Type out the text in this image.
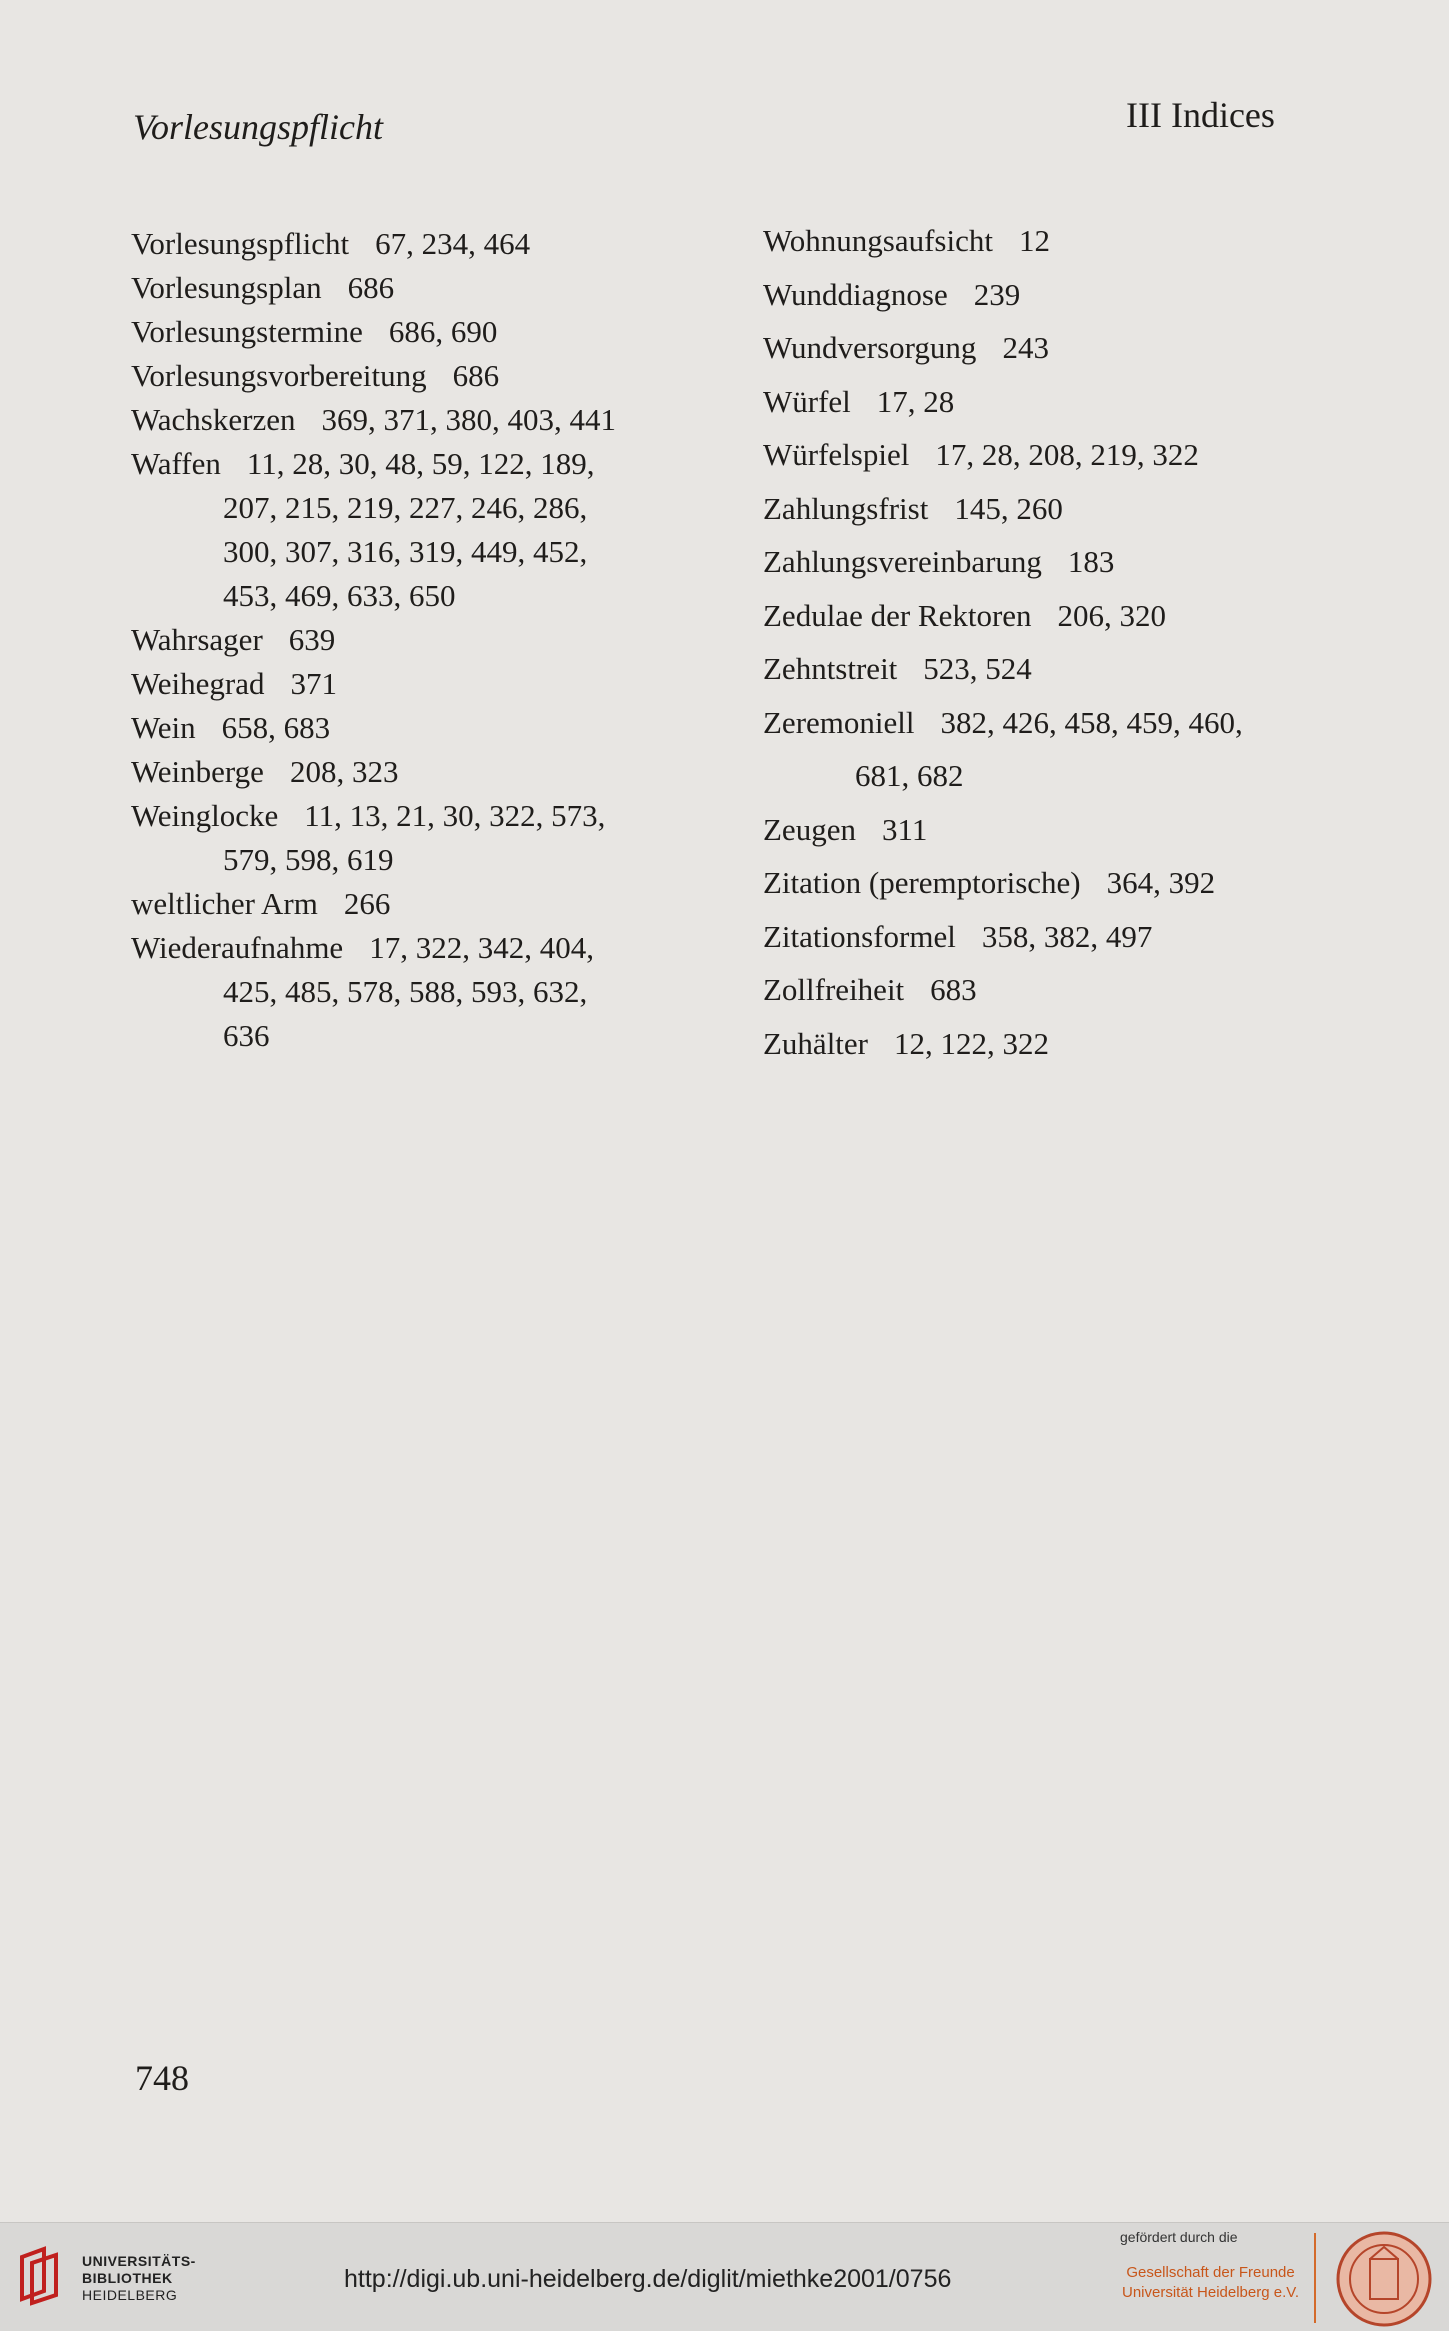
Vorlesungspflicht	III Indices
Vorlesungspflicht 67, 234, 464
Vorlesungsplan 686
Vorlesungstermine 686, 690
Vorlesungsvorbereitung 686
Wachskerzen 369, 371, 380, 403, 441
Waffen 11, 28, 30, 48, 59, 122, 189,
207, 215, 219, 227, 246, 286,
300, 307, 316, 319, 449, 452,
453, 469, 633, 650
Wahrsager 639
Weihegrad 371
Wein 658, 683
Weinberge 208, 323
Weinglocke 11, 13, 21, 30, 322, 573,
579, 598, 619
weltlicher Arm 266
Wiederaufnahme 17, 322, 342, 404,
425, 485, 578, 588, 593, 632,
636
Wohnungsaufsicht 12
Wunddiagnose 239
Wundversorgung 243
Würfel 17, 28
Würfelspiel 17, 28, 208, 219, 322
Zahlungsfrist 145, 260
Zahlungsvereinbarung 183
Zedulae der Rektoren 206, 320
Zehntstreit 523, 524
Zeremoniell 382, 426, 458, 459, 460,
681, 682
Zeugen 311
Zitation (peremptorische) 364, 392
Zitationsformel 358, 382, 497
Zollfreiheit 683
Zuhälter 12, 122, 322
748
UNIVERSITÄTS-
BIBLIOTHEK
HEIDELBERG
http://digi.ub.uni-heidelberg.de/diglit/miethke2001/0756
gefördert durch die
Gesellschaft der Freunde
Universität Heidelberg e.V.
